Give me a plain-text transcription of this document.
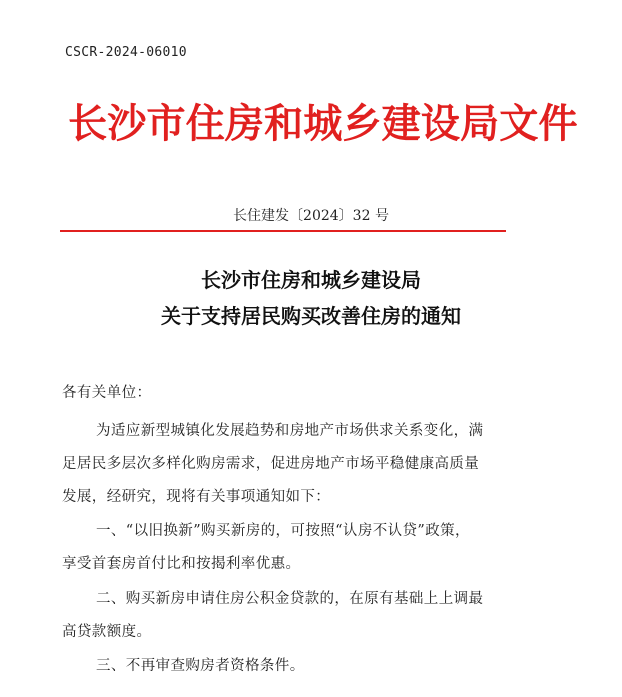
CSCR-2024-06010
长沙市住房和城乡建设局文件
长住建发〔2024〕32 号
长沙市住房和城乡建设局
关于支持居民购买改善住房的通知
各有关单位：
为适应新型城镇化发展趋势和房地产市场供求关系变化，满
足居民多层次多样化购房需求，促进房地产市场平稳健康高质量
发展，经研究，现将有关事项通知如下：
一、“以旧换新”购买新房的，可按照“认房不认贷”政策，
享受首套房首付比和按揭利率优惠。
二、购买新房申请住房公积金贷款的，在原有基础上上调最
高贷款额度。
三、不再审查购房者资格条件。
